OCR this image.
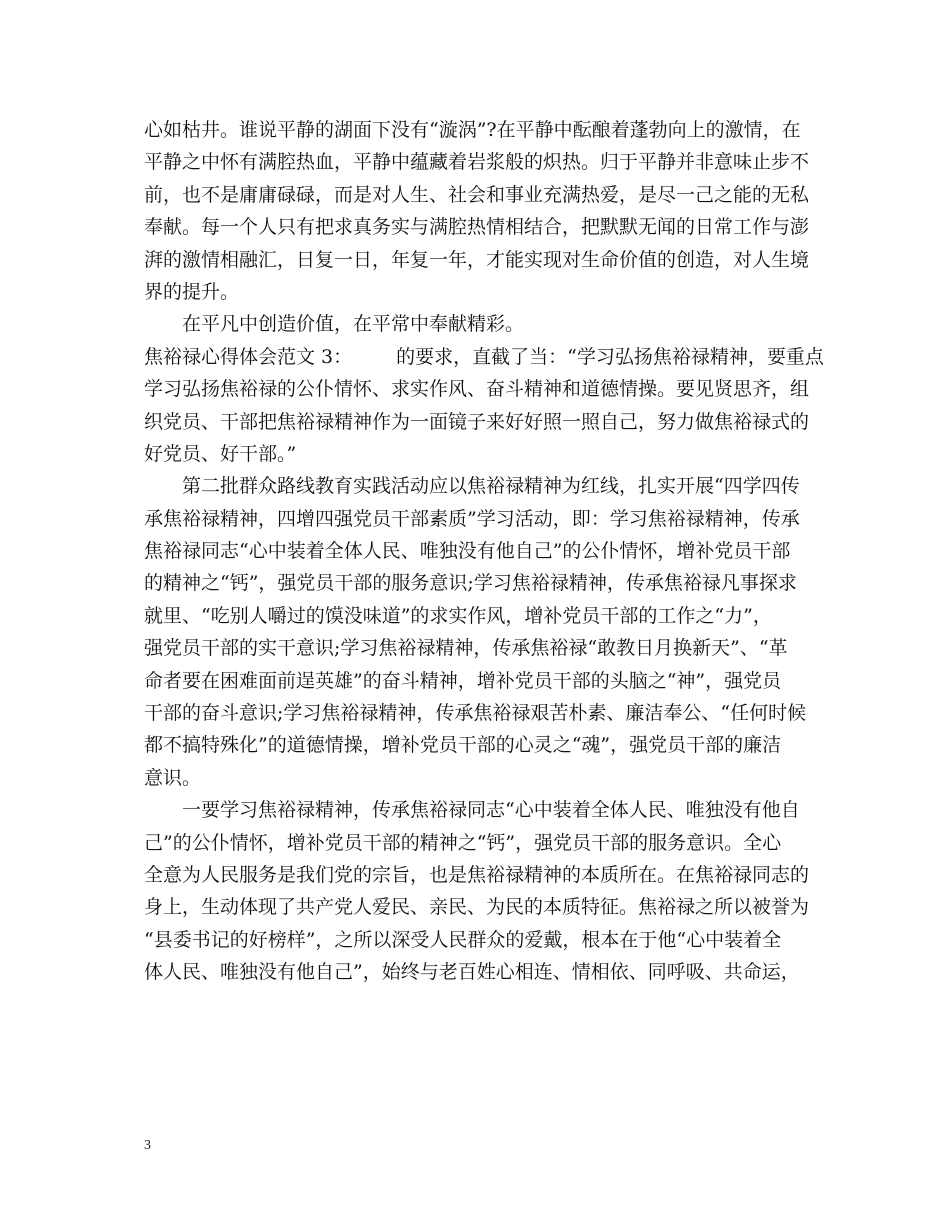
心如枯井。谁说平静的湖面下没有“漩涡”?在平静中酝酿着蓬勃向上的激情，在
平静之中怀有满腔热血，平静中蕴藏着岩浆般的炽热。归于平静并非意味止步不
前，也不是庸庸碌碌，而是对人生、社会和事业充满热爱，是尽一己之能的无私
奉献。每一个人只有把求真务实与满腔热情相结合，把默默无闻的日常工作与澎
湃的激情相融汇，日复一日，年复一年，才能实现对生命价值的创造，对人生境
界的提升。
在平凡中创造价值，在平常中奉献精彩。
焦裕禄心得体会范文 3： 的要求，直截了当：“学习弘扬焦裕禄精神，要重点
学习弘扬焦裕禄的公仆情怀、求实作风、奋斗精神和道德情操。要见贤思齐，组
织党员、干部把焦裕禄精神作为一面镜子来好好照一照自己，努力做焦裕禄式的
好党员、好干部。”
第二批群众路线教育实践活动应以焦裕禄精神为红线，扎实开展“四学四传
承焦裕禄精神，四增四强党员干部素质”学习活动，即：学习焦裕禄精神，传承
焦裕禄同志“心中装着全体人民、唯独没有他自己”的公仆情怀，增补党员干部
的精神之“钙”，强党员干部的服务意识;学习焦裕禄精神，传承焦裕禄凡事探求
就里、“吃别人嚼过的馍没味道”的求实作风，增补党员干部的工作之“力”，
强党员干部的实干意识;学习焦裕禄精神，传承焦裕禄“敢教日月换新天”、“革
命者要在困难面前逞英雄”的奋斗精神，增补党员干部的头脑之“神”，强党员
干部的奋斗意识;学习焦裕禄精神，传承焦裕禄艰苦朴素、廉洁奉公、“任何时候
都不搞特殊化”的道德情操，增补党员干部的心灵之“魂”，强党员干部的廉洁
意识。
一要学习焦裕禄精神，传承焦裕禄同志“心中装着全体人民、唯独没有他自
己”的公仆情怀，增补党员干部的精神之“钙”，强党员干部的服务意识。全心
全意为人民服务是我们党的宗旨，也是焦裕禄精神的本质所在。在焦裕禄同志的
身上，生动体现了共产党人爱民、亲民、为民的本质特征。焦裕禄之所以被誉为
“县委书记的好榜样”，之所以深受人民群众的爱戴，根本在于他“心中装着全
体人民、唯独没有他自己”，始终与老百姓心相连、情相依、同呼吸、共命运，
3
